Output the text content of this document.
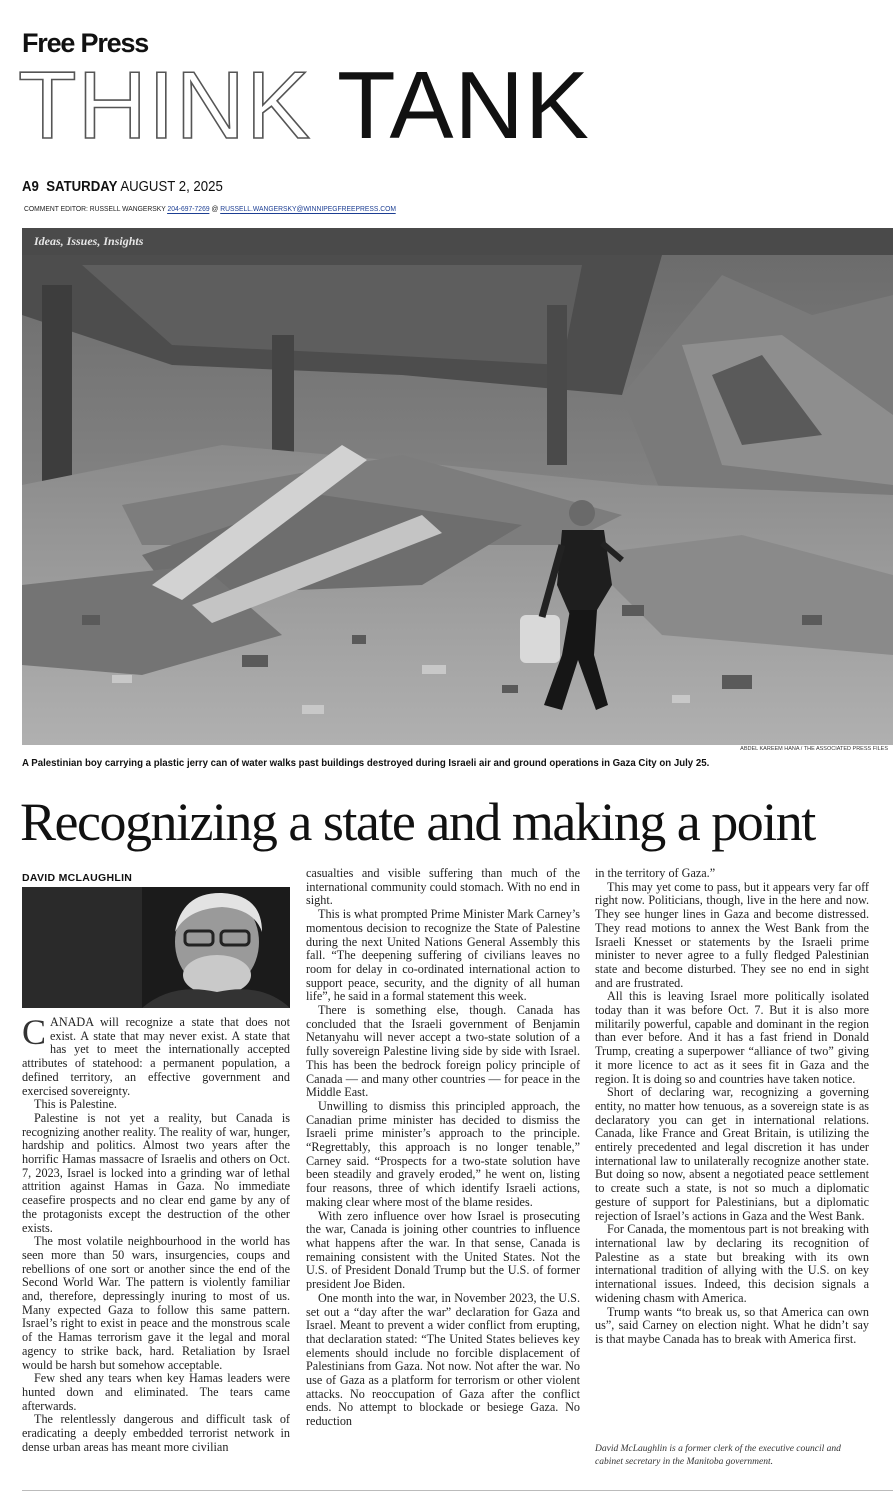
Free Press
THINK TANK
A9 SATURDAY AUGUST 2, 2025
COMMENT EDITOR: RUSSELL WANGERSKY 204-697-7269 @ RUSSELL.WANGERSKY@WINNIPEGFREEPRESS.COM
Ideas, Issues, Insights
ABDEL KAREEM HANA / THE ASSOCIATED PRESS FILES
A Palestinian boy carrying a plastic jerry can of water walks past buildings destroyed during Israeli air and ground operations in Gaza City on July 25.
Recognizing a state and making a point
DAVID MCLAUGHLIN

CANADA will recognize a state that does not exist. A state that may never exist. A state that has yet to meet the internationally accepted attributes of statehood: a permanent population, a defined territory, an effective government and exercised sovereignty.

This is Palestine.

Palestine is not yet a reality, but Canada is recognizing another reality. The reality of war, hunger, hardship and politics. Almost two years after the horrific Hamas massacre of Israelis and others on Oct. 7, 2023, Israel is locked into a grinding war of lethal attrition against Hamas in Gaza. No immediate ceasefire prospects and no clear end game by any of the protagonists except the destruction of the other exists.

The most volatile neighbourhood in the world has seen more than 50 wars, insurgencies, coups and rebellions of one sort or another since the end of the Second World War. The pattern is violently familiar and, therefore, depressingly inuring to most of us. Many expected Gaza to follow this same pattern. Israel’s right to exist in peace and the monstrous scale of the Hamas terrorism gave it the legal and moral agency to strike back, hard. Retaliation by Israel would be harsh but somehow acceptable.

Few shed any tears when key Hamas leaders were hunted down and eliminated. The tears came afterwards.

The relentlessly dangerous and difficult task of eradicating a deeply embedded terrorist network in dense urban areas has meant more civilian

casualties and visible suffering than much of the international community could stomach. With no end in sight.

This is what prompted Prime Minister Mark Carney’s momentous decision to recognize the State of Palestine during the next United Nations General Assembly this fall. “The deepening suffering of civilians leaves no room for delay in co-ordinated international action to support peace, security, and the dignity of all human life”, he said in a formal statement this week.

There is something else, though. Canada has concluded that the Israeli government of Benjamin Netanyahu will never accept a two-state solution of a fully sovereign Palestine living side by side with Israel. This has been the bedrock foreign policy principle of Canada — and many other countries — for peace in the Middle East.

Unwilling to dismiss this principled approach, the Canadian prime minister has decided to dismiss the Israeli prime minister’s approach to the principle. “Regrettably, this approach is no longer tenable,” Carney said. “Prospects for a two-state solution have been steadily and gravely eroded,” he went on, listing four reasons, three of which identify Israeli actions, making clear where most of the blame resides.

With zero influence over how Israel is prosecuting the war, Canada is joining other countries to influence what happens after the war. In that sense, Canada is remaining consistent with the United States. Not the U.S. of President Donald Trump but the U.S. of former president Joe Biden.

One month into the war, in November 2023, the U.S. set out a “day after the war” declaration for Gaza and Israel. Meant to prevent a wider conflict from erupting, that declaration stated: “The United States believes key elements should include no forcible displacement of Palestinians from Gaza. Not now. Not after the war. No use of Gaza as a platform for terrorism or other violent attacks. No reoccupation of Gaza after the conflict ends. No attempt to blockade or besiege Gaza. No reduction

in the territory of Gaza.”

This may yet come to pass, but it appears very far off right now. Politicians, though, live in the here and now. They see hunger lines in Gaza and become distressed. They read motions to annex the West Bank from the Israeli Knesset or statements by the Israeli prime minister to never agree to a fully fledged Palestinian state and become disturbed. They see no end in sight and are frustrated.

All this is leaving Israel more politically isolated today than it was before Oct. 7. But it is also more militarily powerful, capable and dominant in the region than ever before. And it has a fast friend in Donald Trump, creating a superpower “alliance of two” giving it more licence to act as it sees fit in Gaza and the region. It is doing so and countries have taken notice.

Short of declaring war, recognizing a governing entity, no matter how tenuous, as a sovereign state is as declaratory you can get in international relations. Canada, like France and Great Britain, is utilizing the entirely precedented and legal discretion it has under international law to unilaterally recognize another state. But doing so now, absent a negotiated peace settlement to create such a state, is not so much a diplomatic gesture of support for Palestinians, but a diplomatic rejection of Israel’s actions in Gaza and the West Bank.

For Canada, the momentous part is not breaking with international law by declaring its recognition of Palestine as a state but breaking with its own international tradition of allying with the U.S. on key international issues. Indeed, this decision signals a widening chasm with America.

Trump wants “to break us, so that America can own us”, said Carney on election night. What he didn’t say is that maybe Canada has to break with America first.

David McLaughlin is a former clerk of the executive council and cabinet secretary in the Manitoba government.
